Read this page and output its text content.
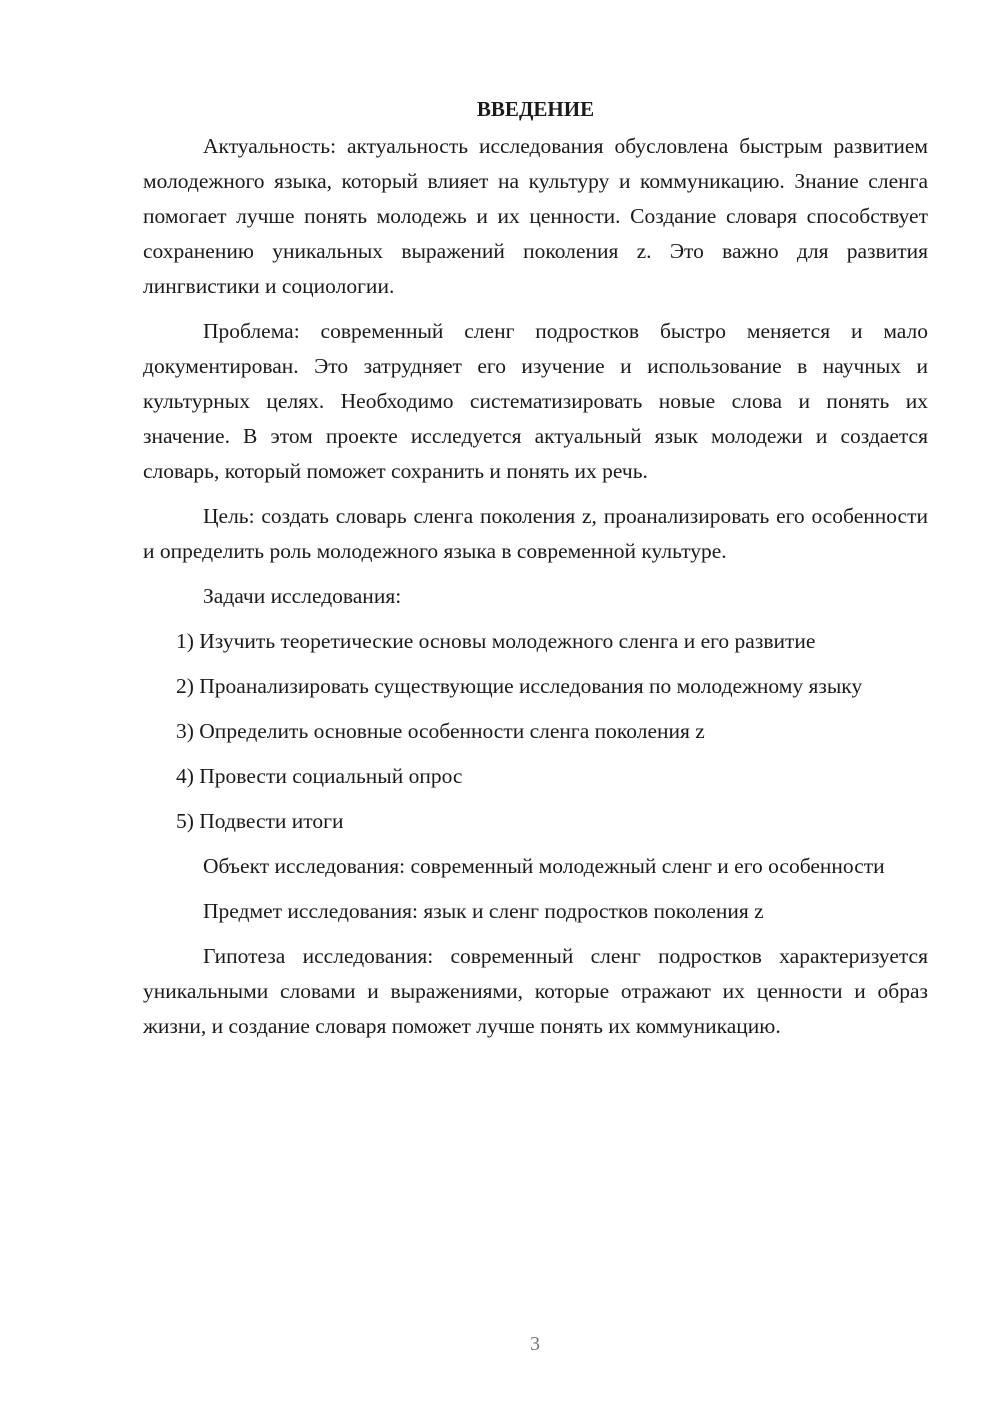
ВВЕДЕНИЕ

Актуальность: актуальность исследования обусловлена быстрым развитием молодежного языка, который влияет на культуру и коммуникацию. Знание сленга помогает лучше понять молодежь и их ценности. Создание словаря способствует сохранению уникальных выражений поколения z. Это важно для развития лингвистики и социологии.

Проблема: современный сленг подростков быстро меняется и мало документирован. Это затрудняет его изучение и использование в научных и культурных целях. Необходимо систематизировать новые слова и понять их значение. В этом проекте исследуется актуальный язык молодежи и создается словарь, который поможет сохранить и понять их речь.

Цель: создать словарь сленга поколения z, проанализировать его особенности и определить роль молодежного языка в современной культуре.

Задачи исследования:

1) Изучить теоретические основы молодежного сленга и его развитие

2) Проанализировать существующие исследования по молодежному языку

3) Определить основные особенности сленга поколения z

4) Провести социальный опрос

5) Подвести итоги

Объект исследования: современный молодежный сленг и его особенности

Предмет исследования: язык и сленг подростков поколения z

Гипотеза исследования: современный сленг подростков характеризуется уникальными словами и выражениями, которые отражают их ценности и образ жизни, и создание словаря поможет лучше понять их коммуникацию.

3
